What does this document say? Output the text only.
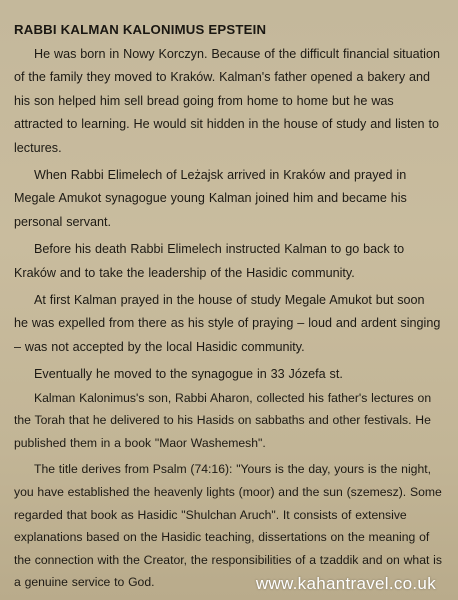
RABBI KALMAN KALONIMUS EPSTEIN

He was born in Nowy Korczyn. Because of the difficult financial situation of the family they moved to Kraków. Kalman's father opened a bakery and his son helped him sell bread going from home to home but he was attracted to learning. He would sit hidden in the house of study and listen to lectures.

When Rabbi Elimelech of Leżajsk arrived in Kraków and prayed in Megale Amukot synagogue young Kalman joined him and became his personal servant.

Before his death Rabbi Elimelech instructed Kalman to go back to Kraków and to take the leadership of the Hasidic community.

At first Kalman prayed in the house of study Megale Amukot but soon he was expelled from there as his style of praying – loud and ardent singing – was not accepted by the local Hasidic community.

Eventually he moved to the synagogue in 33 Józefa st.

Kalman Kalonimus's son, Rabbi Aharon, collected his father's lectures on the Torah that he delivered to his Hasids on sabbaths and other festivals. He published them in a book "Maor Washemesh".

The title derives from Psalm (74:16): "Yours is the day, yours is the night, you have established the heavenly lights (moor) and the sun (szemesz). Some regarded that book as Hasidic "Shulchan Aruch". It consists of extensive explanations based on the Hasidic teaching, dissertations on the meaning of the connection with the Creator, the responsibilities of a tzaddik and on what is a genuine service to God.	www.kahantravel.co.uk
